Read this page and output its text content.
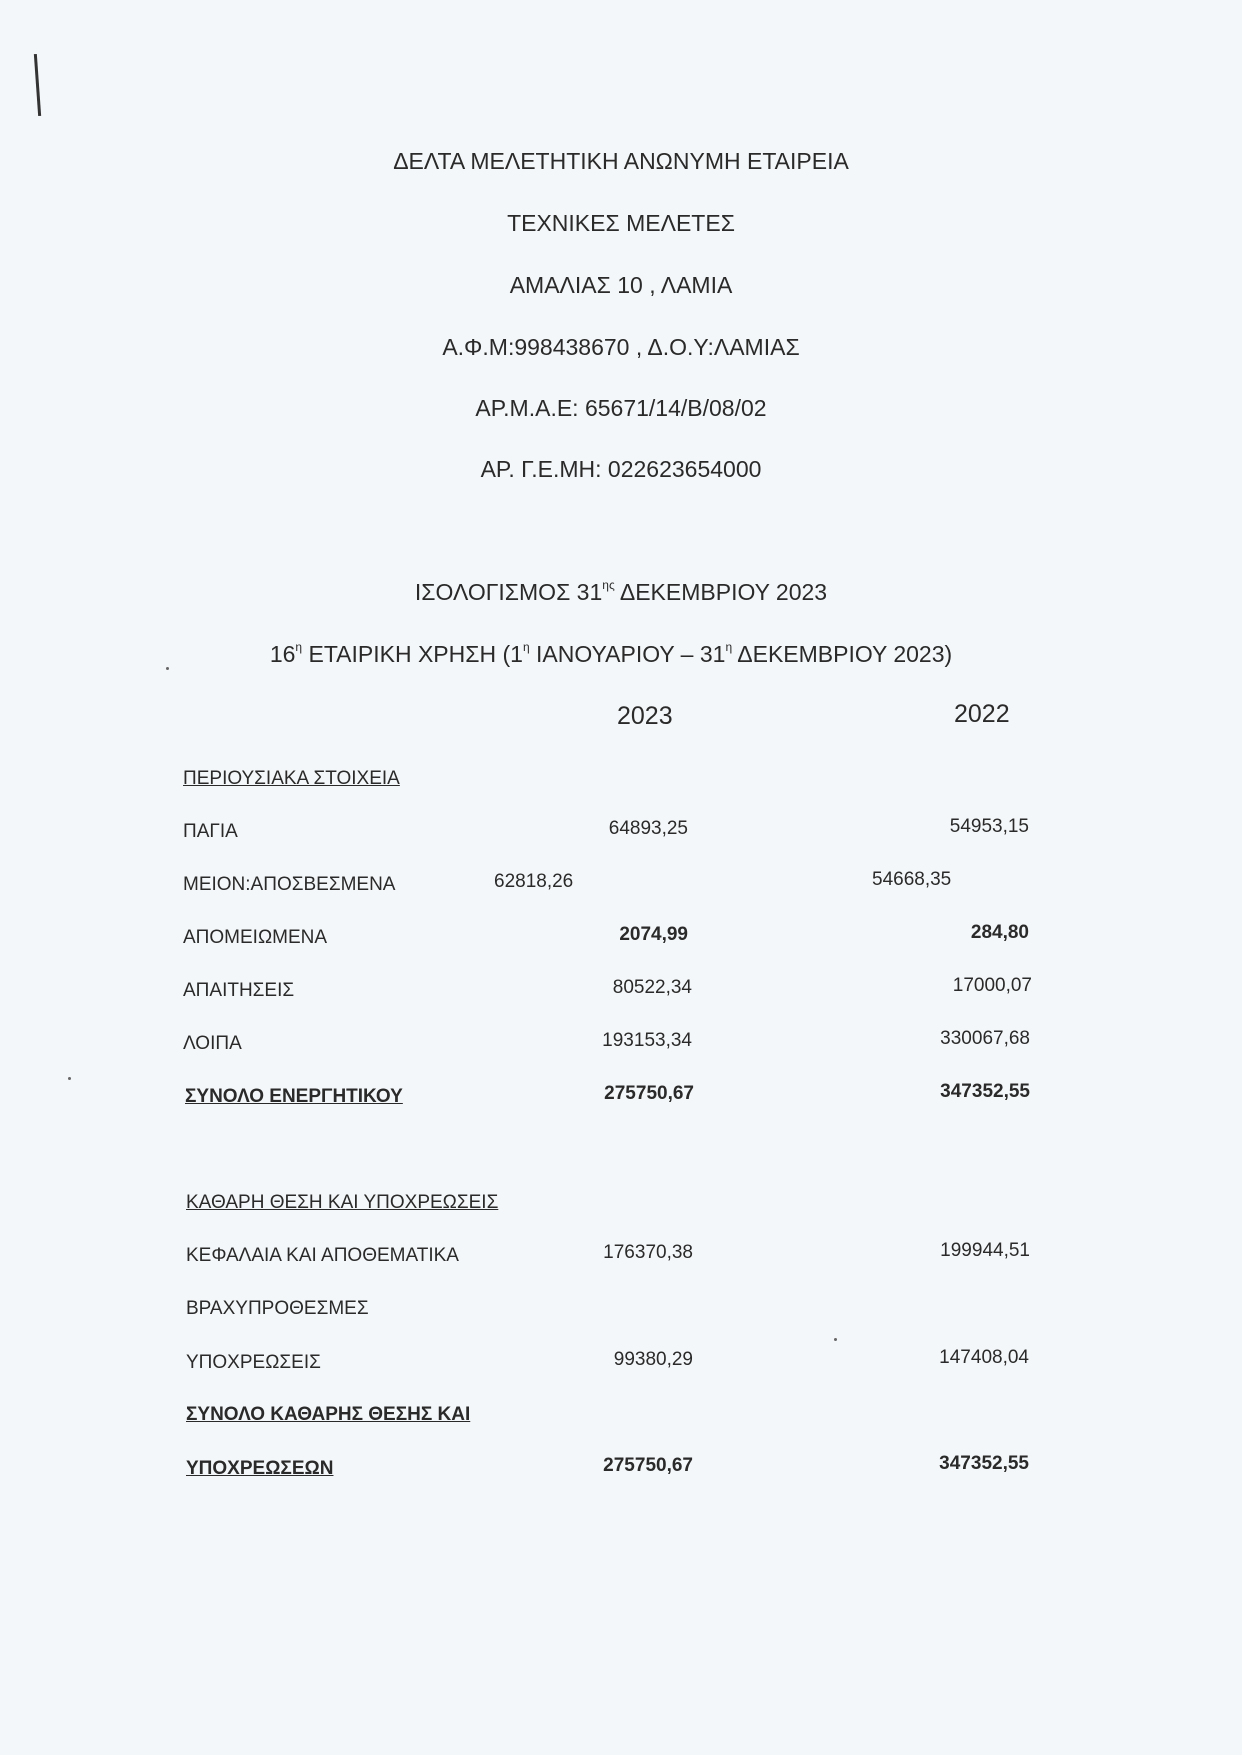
ΔΕΛΤΑ ΜΕΛΕΤΗΤΙΚΗ ΑΝΩΝΥΜΗ ΕΤΑΙΡΕΙΑ
ΤΕΧΝΙΚΕΣ ΜΕΛΕΤΕΣ
ΑΜΑΛΙΑΣ 10 , ΛΑΜΙΑ
Α.Φ.Μ:998438670 , Δ.Ο.Υ:ΛΑΜΙΑΣ
ΑΡ.Μ.Α.Ε: 65671/14/Β/08/02
ΑΡ. Γ.Ε.ΜΗ: 022623654000
ΙΣΟΛΟΓΙΣΜΟΣ $31^{\eta\varsigma}$ ΔΕΚΕΜΒΡΙΟΥ 2023
$16^\eta$ ΕΤΑΙΡΙΚΗ ΧΡΗΣΗ ($1^\eta$ ΙΑΝΟΥΑΡΙΟΥ – $31^\eta$ ΔΕΚΕΜΒΡΙΟΥ 2023)
2023	2022
ΠΕΡΙΟΥΣΙΑΚΑ ΣΤΟΙΧΕΙΑ
ΠΑΓΙΑ	64893,25	54953,15
ΜΕΙΟΝ:ΑΠΟΣΒΕΣΜΕΝΑ	62818,26	54668,35
ΑΠΟΜΕΙΩΜΕΝΑ	2074,99	284,80
ΑΠΑΙΤΗΣΕΙΣ	80522,34	17000,07
ΛΟΙΠΑ	193153,34	330067,68
ΣΥΝΟΛΟ ΕΝΕΡΓΗΤΙΚΟΥ	275750,67	347352,55
ΚΑΘΑΡΗ ΘΕΣΗ ΚΑΙ ΥΠΟΧΡΕΩΣΕΙΣ
ΚΕΦΑΛΑΙΑ ΚΑΙ ΑΠΟΘΕΜΑΤΙΚΑ	176370,38	199944,51
ΒΡΑΧΥΠΡΟΘΕΣΜΕΣ
ΥΠΟΧΡΕΩΣΕΙΣ	99380,29	147408,04
ΣΥΝΟΛΟ ΚΑΘΑΡΗΣ ΘΕΣΗΣ ΚΑΙ
ΥΠΟΧΡΕΩΣΕΩΝ	275750,67	347352,55
